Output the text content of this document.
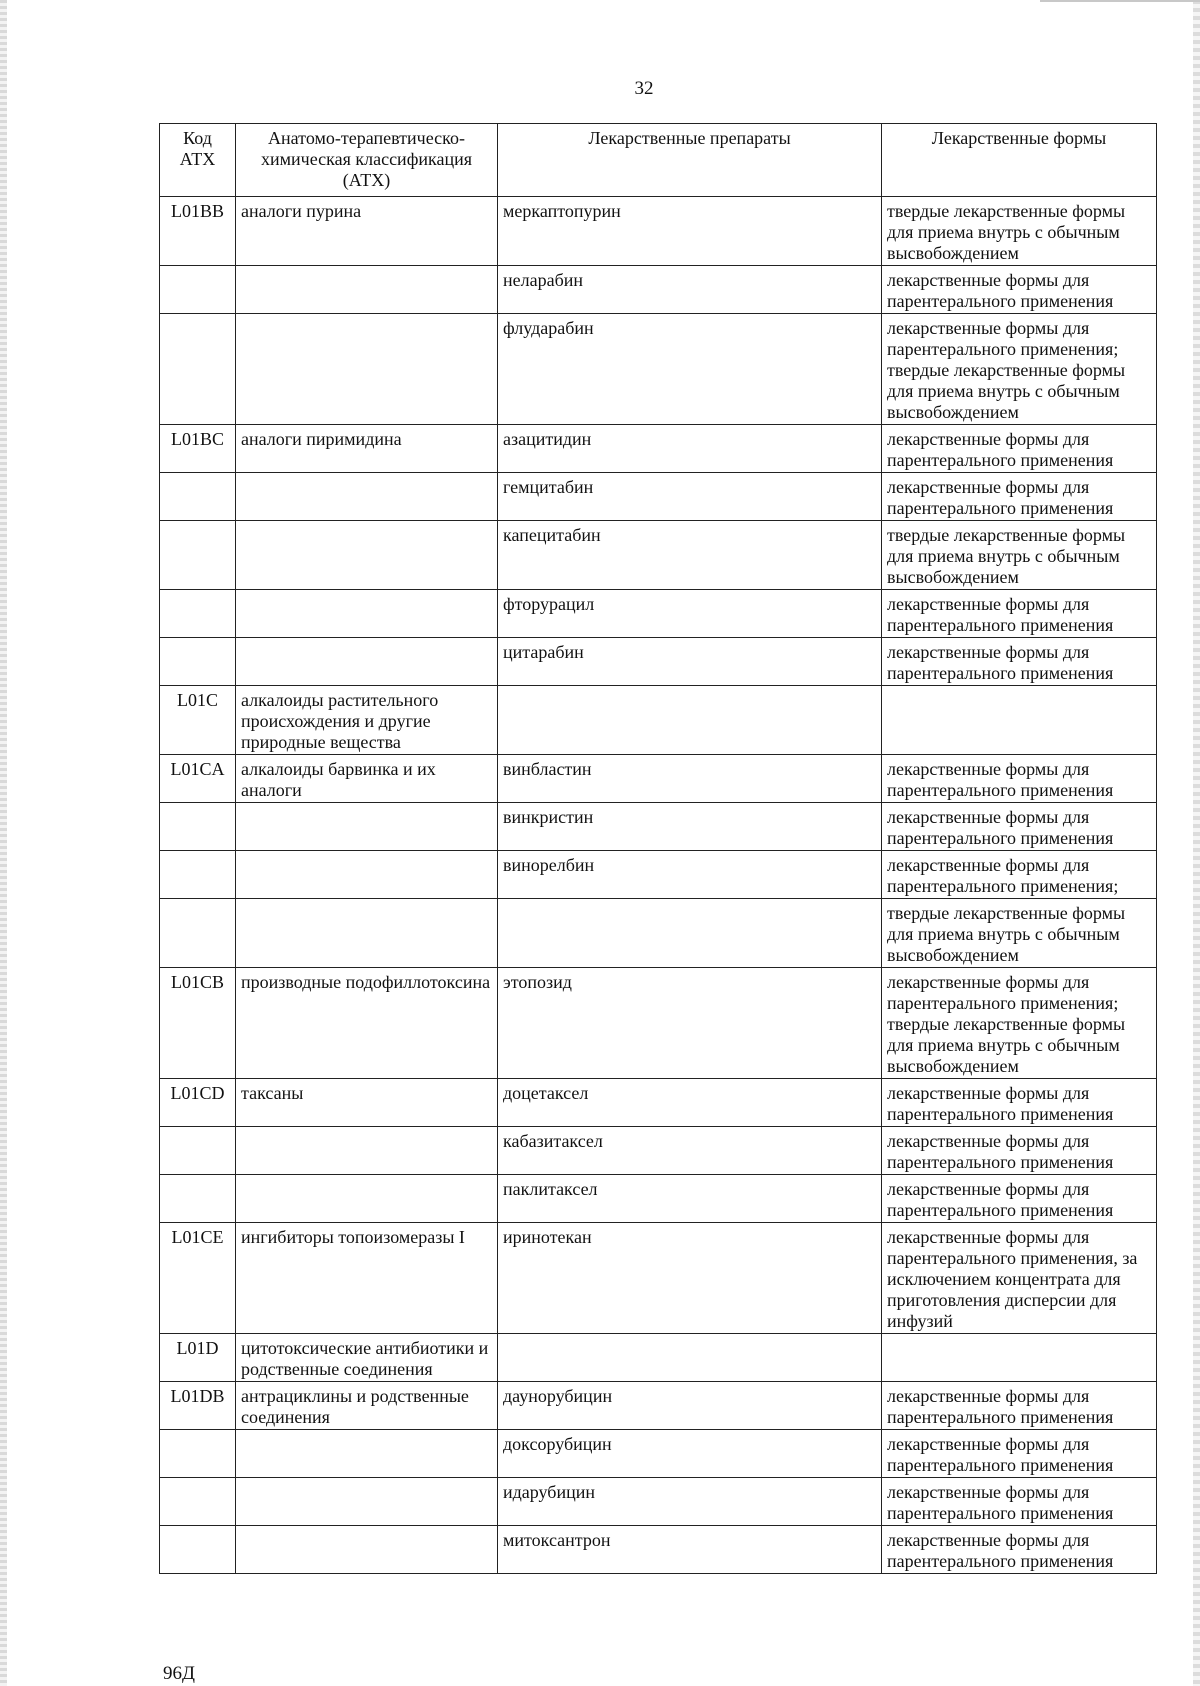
32
Код АТХ	Анатомо-терапевтическо-химическая классификация (АТХ)	Лекарственные препараты	Лекарственные формы
L01BB	аналоги пурина	меркаптопурин	твердые лекарственные формы для приема внутрь с обычным высвобождением
		неларабин	лекарственные формы для парентерального применения
		флударабин	лекарственные формы для парентерального применения; твердые лекарственные формы для приема внутрь с обычным высвобождением
L01BC	аналоги пиримидина	азацитидин	лекарственные формы для парентерального применения
		гемцитабин	лекарственные формы для парентерального применения
		капецитабин	твердые лекарственные формы для приема внутрь с обычным высвобождением
		фторурацил	лекарственные формы для парентерального применения
		цитарабин	лекарственные формы для парентерального применения
L01C	алкалоиды растительного происхождения и другие природные вещества		
L01CA	алкалоиды барвинка и их аналоги	винбластин	лекарственные формы для парентерального применения
		винкристин	лекарственные формы для парентерального применения
		винорелбин	лекарственные формы для парентерального применения;
			твердые лекарственные формы для приема внутрь с обычным высвобождением
L01CB	производные подофиллотоксина	этопозид	лекарственные формы для парентерального применения; твердые лекарственные формы для приема внутрь с обычным высвобождением
L01CD	таксаны	доцетаксел	лекарственные формы для парентерального применения
		кабазитаксел	лекарственные формы для парентерального применения
		паклитаксел	лекарственные формы для парентерального применения
L01CE	ингибиторы топоизомеразы I	иринотекан	лекарственные формы для парентерального применения, за исключением концентрата для приготовления дисперсии для инфузий
L01D	цитотоксические антибиотики и родственные соединения		
L01DB	антрациклины и родственные соединения	даунорубицин	лекарственные формы для парентерального применения
		доксорубицин	лекарственные формы для парентерального применения
		идарубицин	лекарственные формы для парентерального применения
		митоксантрон	лекарственные формы для парентерального применения
96Д
